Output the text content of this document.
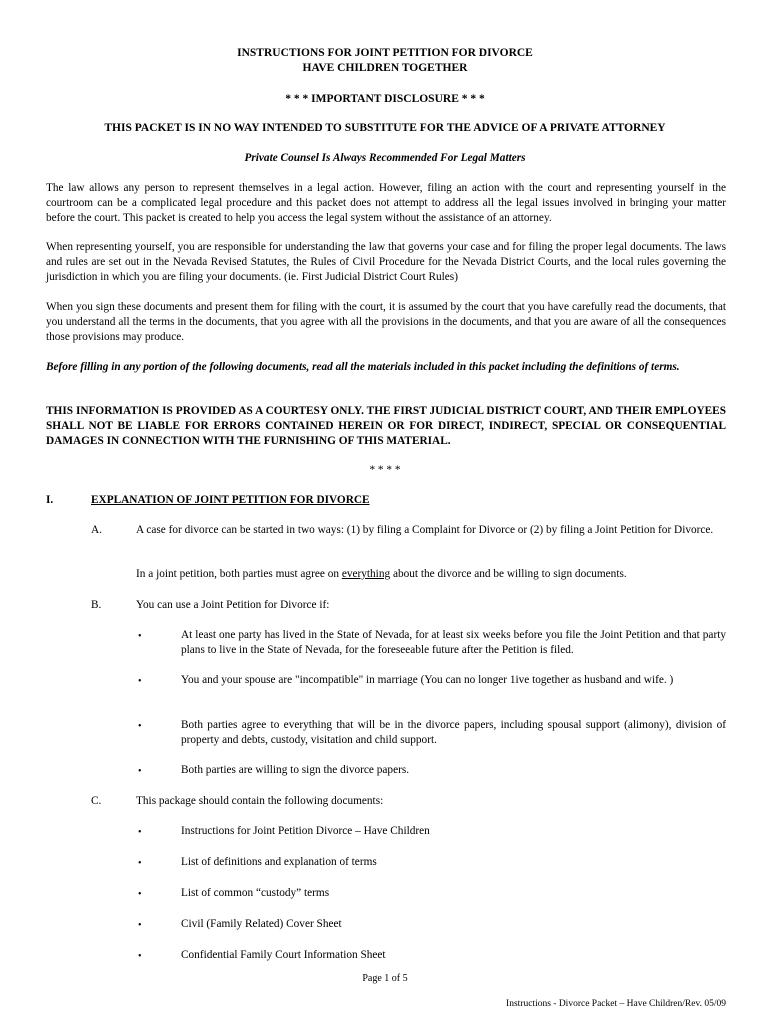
INSTRUCTIONS FOR JOINT PETITION FOR DIVORCE
HAVE CHILDREN TOGETHER
* * * IMPORTANT DISCLOSURE * * *
THIS PACKET IS IN NO WAY INTENDED TO SUBSTITUTE FOR THE ADVICE OF A PRIVATE ATTORNEY
Private Counsel Is Always Recommended For Legal Matters
The law allows any person to represent themselves in a legal action. However, filing an action with the court and representing yourself in the courtroom can be a complicated legal procedure and this packet does not attempt to address all the legal issues involved in bringing your matter before the court. This packet is created to help you access the legal system without the assistance of an attorney.
When representing yourself, you are responsible for understanding the law that governs your case and for filing the proper legal documents. The laws and rules are set out in the Nevada Revised Statutes, the Rules of Civil Procedure for the Nevada District Courts, and the local rules governing the jurisdiction in which you are filing your documents. (ie. First Judicial District Court Rules)
When you sign these documents and present them for filing with the court, it is assumed by the court that you have carefully read the documents, that you understand all the terms in the documents, that you agree with all the provisions in the documents, and that you are aware of all the consequences those provisions may produce.
Before filling in any portion of the following documents, read all the materials included in this packet including the definitions of terms.
THIS INFORMATION IS PROVIDED AS A COURTESY ONLY. THE FIRST JUDICIAL DISTRICT COURT, AND THEIR EMPLOYEES SHALL NOT BE LIABLE FOR ERRORS CONTAINED HEREIN OR FOR DIRECT, INDIRECT, SPECIAL OR CONSEQUENTIAL DAMAGES IN CONNECTION WITH THE FURNISHING OF THIS MATERIAL.
* * * *
I.	EXPLANATION OF JOINT PETITION FOR DIVORCE
A.	A case for divorce can be started in two ways: (1) by filing a Complaint for Divorce or (2) by filing a Joint Petition for Divorce.
In a joint petition, both parties must agree on everything about the divorce and be willing to sign documents.
B.	You can use a Joint Petition for Divorce if:
•	At least one party has lived in the State of Nevada, for at least six weeks before you file the Joint Petition and that party plans to live in the State of Nevada, for the foreseeable future after the Petition is filed.
•	You and your spouse are "incompatible" in marriage (You can no longer 1ive together as husband and wife. )
•	Both parties agree to everything that will be in the divorce papers, including spousal support (alimony), division of property and debts, custody, visitation and child support.
•	Both parties are willing to sign the divorce papers.
C.	This package should contain the following documents:
•	Instructions for Joint Petition Divorce – Have Children
•	List of definitions and explanation of terms
•	List of common “custody” terms
•	Civil (Family Related) Cover Sheet
•	Confidential Family Court Information Sheet
Page 1 of 5
Instructions - Divorce Packet – Have Children/Rev. 05/09
